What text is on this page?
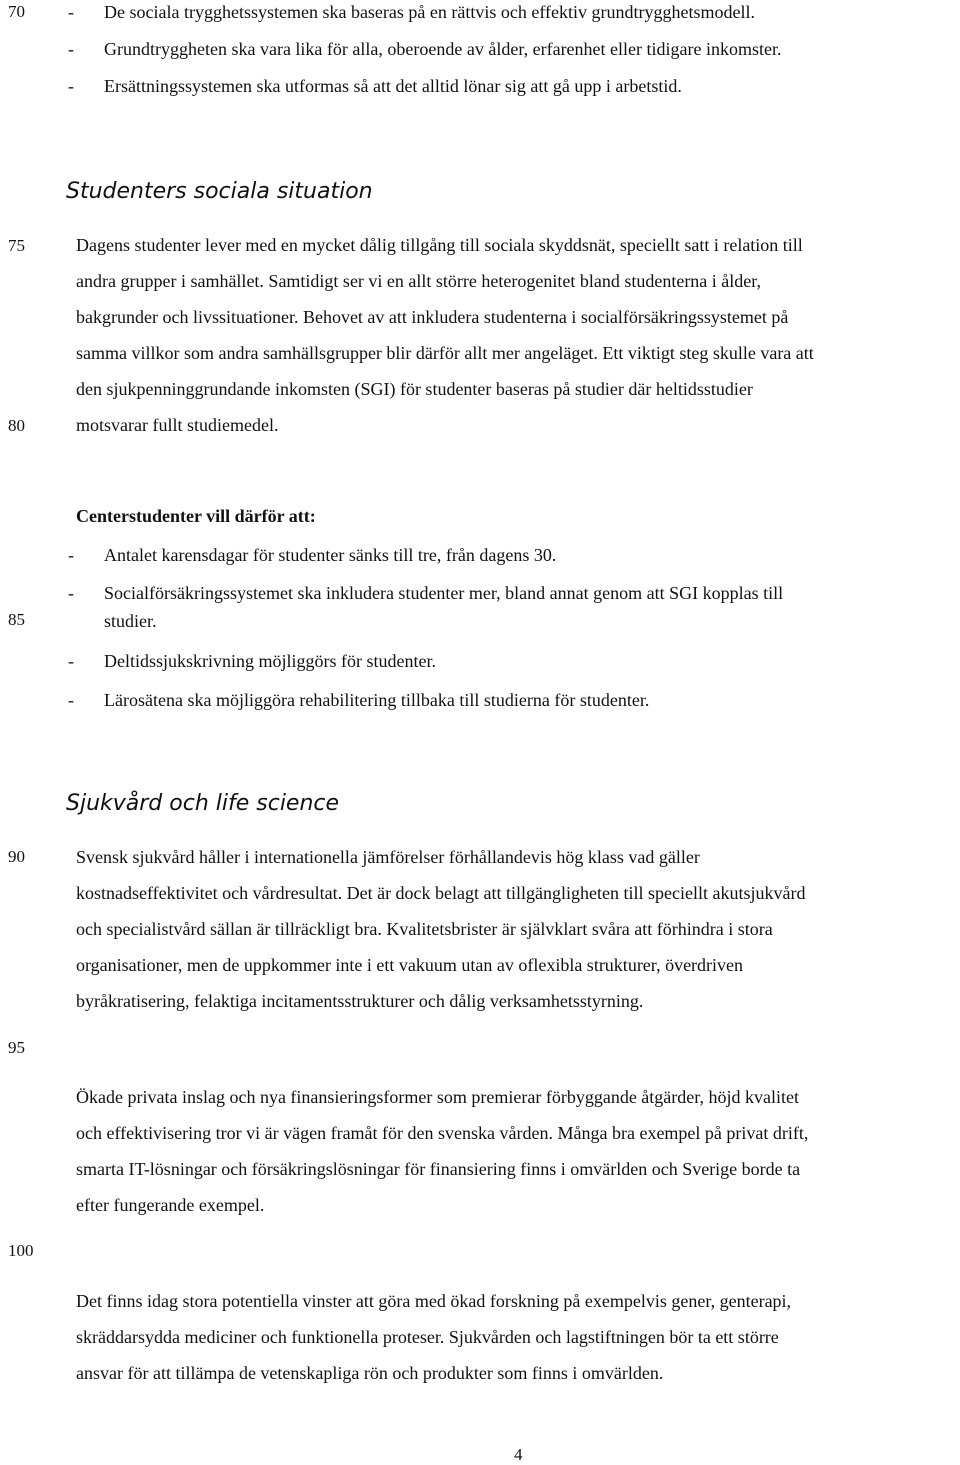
70
75
80
85
90
95
100
- De sociala trygghetssystemen ska baseras på en rättvis och effektiv grundtrygghetsmodell.
- Grundtryggheten ska vara lika för alla, oberoende av ålder, erfarenhet eller tidigare inkomster.
- Ersättningssystemen ska utformas så att det alltid lönar sig att gå upp i arbetstid.
Studenters sociala situation
Dagens studenter lever med en mycket dålig tillgång till sociala skyddsnät, speciellt satt i relation till
andra grupper i samhället. Samtidigt ser vi en allt större heterogenitet bland studenterna i ålder,
bakgrunder och livssituationer. Behovet av att inkludera studenterna i socialförsäkringssystemet på
samma villkor som andra samhällsgrupper blir därför allt mer angeläget. Ett viktigt steg skulle vara att
den sjukpenninggrundande inkomsten (SGI) för studenter baseras på studier där heltidsstudier
motsvarar fullt studiemedel.
Centerstudenter vill därför att:
- Antalet karensdagar för studenter sänks till tre, från dagens 30.
- Socialförsäkringssystemet ska inkludera studenter mer, bland annat genom att SGI kopplas till
studier.
- Deltidssjukskrivning möjliggörs för studenter.
- Lärosätena ska möjliggöra rehabilitering tillbaka till studierna för studenter.
Sjukvård och life science
Svensk sjukvård håller i internationella jämförelser förhållandevis hög klass vad gäller
kostnadseffektivitet och vårdresultat. Det är dock belagt att tillgängligheten till speciellt akutsjukvård
och specialistvård sällan är tillräckligt bra. Kvalitetsbrister är självklart svåra att förhindra i stora
organisationer, men de uppkommer inte i ett vakuum utan av oflexibla strukturer, överdriven
byråkratisering, felaktiga incitamentsstrukturer och dålig verksamhetsstyrning.
Ökade privata inslag och nya finansieringsformer som premierar förbyggande åtgärder, höjd kvalitet
och effektivisering tror vi är vägen framåt för den svenska vården. Många bra exempel på privat drift,
smarta IT-lösningar och försäkringslösningar för finansiering finns i omvärlden och Sverige borde ta
efter fungerande exempel.
Det finns idag stora potentiella vinster att göra med ökad forskning på exempelvis gener, genterapi,
skräddarsydda mediciner och funktionella proteser. Sjukvården och lagstiftningen bör ta ett större
ansvar för att tillämpa de vetenskapliga rön och produkter som finns i omvärlden.
4
